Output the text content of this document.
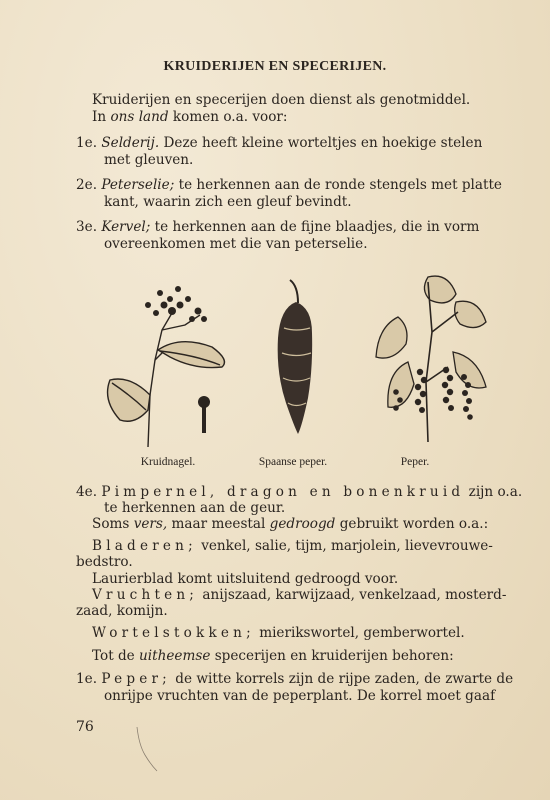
KRUIDERIJEN EN SPECERIJEN.
Kruiderijen en specerijen doen dienst als genotmiddel.
In ons land komen o.a. voor:
1e. Selderij. Deze heeft kleine worteltjes en hoekige stelen
met gleuven.
2e. Peterselie; te herkennen aan de ronde stengels met platte
kant, waarin zich een gleuf bevindt.
3e. Kervel; te herkennen aan de fijne blaadjes, die in vorm
overeenkomen met die van peterselie.
Kruidnagel.	Spaanse peper.	Peper.
4e. Pimpernel, dragon en bonenkruid zijn o.a.
te herkennen aan de geur.
Soms vers, maar meestal gedroogd gebruikt worden o.a.:
Bladeren; venkel, salie, tijm, marjolein, lievevrouwe-
bedstro.
Laurierblad komt uitsluitend gedroogd voor.
Vruchten; anijszaad, karwijzaad, venkelzaad, mosterd-
zaad, komijn.
Wortelstokken; mierikswortel, gemberwortel.
Tot de uitheemse specerijen en kruiderijen behoren:
1e. Peper; de witte korrels zijn de rijpe zaden, de zwarte de
onrijpe vruchten van de peperplant. De korrel moet gaaf
76
